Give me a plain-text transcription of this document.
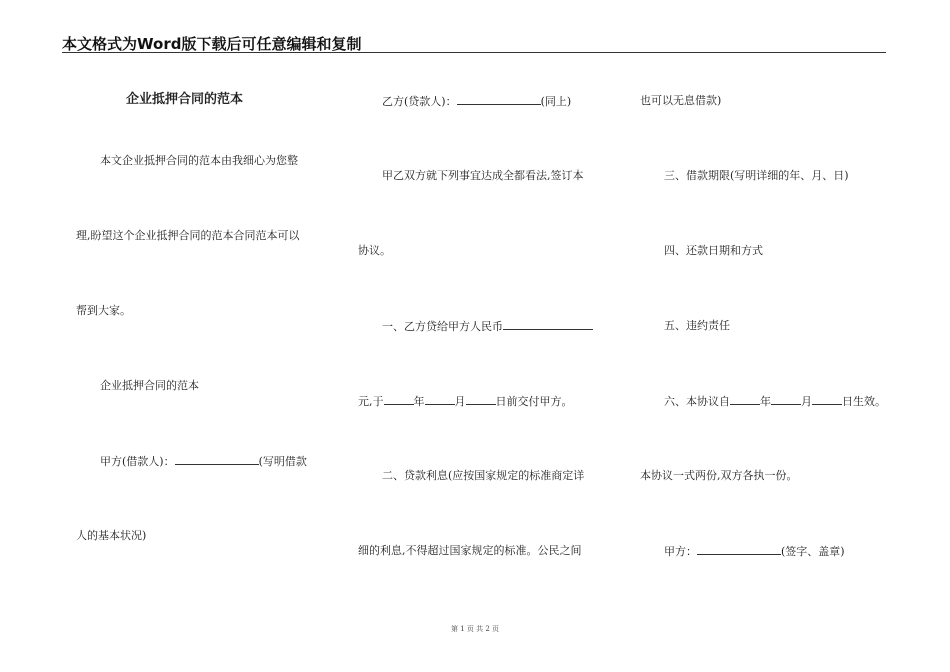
本文格式为Word版下载后可任意编辑和复制
企业抵押合同的范本
本文企业抵押合同的范本由我细心为您整
理,盼望这个企业抵押合同的范本合同范本可以
帮到大家。
企业抵押合同的范本
甲方(借款人)：	(写明借款
人的基本状况)
乙方(贷款人)：	(同上)
甲乙双方就下列事宜达成全都看法,签订本
协议。
一、乙方贷给甲方人民币
元,于	年	月	日前交付甲方。
二、贷款利息(应按国家规定的标准商定详
细的利息,不得超过国家规定的标准。公民之间
也可以无息借款)
三、借款期限(写明详细的年、月、日)
四、还款日期和方式
五、违约责任
六、本协议自	年	月	日生效。
本协议一式两份,双方各执一份。
甲方：	(签字、盖章)
第 1 页 共 2 页
